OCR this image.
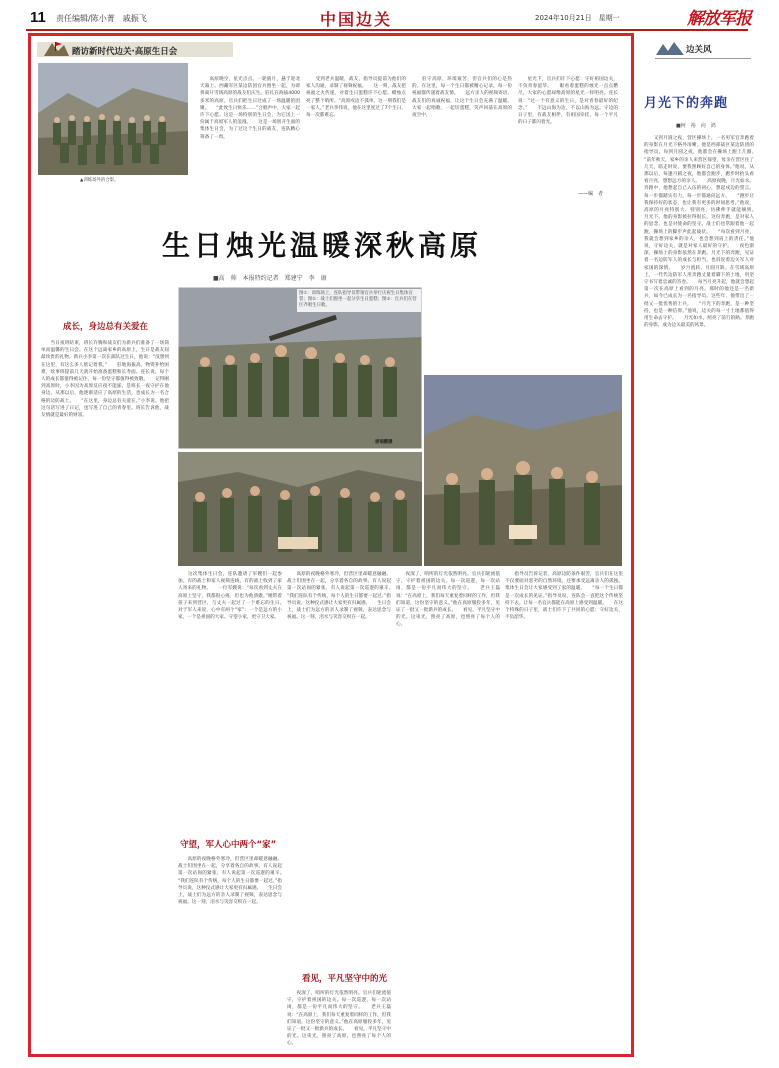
11 责任编辑/陈小菁　戚振飞	中国边关	2024年10月21日　星期一	解放军报
踏访新时代边关·高原生日会
▲训练场外的合影。
　　高原晚空，星光点点。一轮圆月，悬于迎北天幕上。西藏军区某边防团官兵围坐一起，为即将离开雪域高原的战友们庆生。驻扎在海拔4000多米的高原，官兵们把生日过成了一场温暖的团聚。　　“此致生日快乐……”合唱声中，大家一起许下心愿。这是一场特别的生日会，为它送上一份属于高原军人的浪漫。　　这是一场别开生面的集体生日会，为了过这个生日的战友，连队精心筹备了一周。
　　受到老兵温暖，战友、指导员提前为他们的家人沟通，录制了视频祝福。　　这一刻，战友把祝福之火传递，对着生日蛋糕许下心愿。蜡烛点亮了整个哨所。“高原戍边不孤单，这一刻我们是一家人。”老兵李伟说，他在这里度过了7个生日，每一次都难忘。
　　驻守高原，环境艰苦，但官兵们的心是热的。在这里，每一个生日都被精心记录，每一份祝福都传递着战友情。　　远方亲人的视频寄语、战友们的真诚祝福，让这个生日会充满了温暖。大家一起唱歌、一起切蛋糕，笑声回荡在高原的夜空中。
　　星光下，官兵们许下心愿：守好祖国边关，不负青春韶华。　　眼看着蛋糕的烛光一点点燃尽，大家的心愿却像高原的星光一样明亮。连长说：“过一个有意义的生日，是对青春最好的纪念。”　　不远山海为边，不以山海为远。守边的日子里，有战友相伴，有祖国牵挂，每一个平凡的日子都闪着光。
——编　者
生日烛光温暖深秋高原
■高　帅　本报特约记者　郑建宁　李　康
图①：训练场上，连队指导员带领官兵举行庆祝生日集体宣誓；图②：战士们围坐一起分享生日蛋糕；图③：官兵们在营区齐唱生日歌。
唐瑞鹏摄
成长，身边总有关爱在
　　当日夜班结束，班长许腾和战友们为新兵们准备了一场简单而温馨的生日会。在这个远离家乡的高原上，生日是战友间最珍贵的礼物。新兵小李第一次在部队过生日，他说：“没想到在这里，有这么多人惦记着我。”　　驻地海拔高，物资补给困难，炊事班提前几天就开始准备蛋糕和长寿面。连长说，每个人的成长都值得被记住，每一份坚守都值得被致敬。　　记得刚到高原时，小李因为高原反应夜不能寐，是班长一夜守护在他身边。从那以后，他逐渐适应了高原的生活，也成长为一名合格的边防战士。　　“在这里，身边总有关爱在。”小李说。他把这句话写进了日记，也写进了自己的青春里。班长告诉他，战友情就是最好的财富。
　　这次集体生日会，连队邀请了军嫂们一起参加。有的战士和家人视频连线，有的战士收到了家人寄来的礼物。　　一位军嫂说：“每次看到丈夫在高原上坚守，我都很心疼，但也为他骄傲。”她带着孩子来到营区，与丈夫一起过了一个难忘的生日。　　对于军人来说，心中有两个“家”：一个是远方的小家，一个是祖国的大家。守望小家，更守卫大家。
守望，军人心中两个“家”
　　高原的夜晚格外寒冷，但营区里却暖意融融。战士们围坐在一起，分享着各自的故事。有人说起第一次站岗的紧张，有人说起第一次巡逻的艰辛。　　“我们连队有个传统，每个人的生日都要一起过。”指导员说，这种仪式感让大家更有归属感。　　生日会上，战士们为远方的亲人录制了视频，表达思念与祝福。这一刻，泪水与笑容交织在一起。
　　高原的夜晚格外寒冷，但营区里却暖意融融。战士们围坐在一起，分享着各自的故事。有人说起第一次站岗的紧张，有人说起第一次巡逻的艰辛。　　“我们连队有个传统，每个人的生日都要一起过。”指导员说，这种仪式感让大家更有归属感。　　生日会上，战士们为远方的亲人录制了视频，表达思念与祝福。这一刻，泪水与笑容交织在一起。
看见，平凡坚守中的光
　　夜深了，哨所的灯光依然明亮。官兵们轮流值守，守护着祖国的边关。每一次巡逻，每一次站岗，都是一份平凡而伟大的坚守。　　老兵王磊说：“在高原上，我们每天重复着同样的工作，但我们知道，这份坚守的意义。”他在高原服役多年，见证了一批又一批新兵的成长。　　看见，平凡坚守中的光。这束光，照亮了高原，也照亮了每个人的心。
　　夜深了，哨所的灯光依然明亮。官兵们轮流值守，守护着祖国的边关。每一次巡逻，每一次站岗，都是一份平凡而伟大的坚守。　　老兵王磊说：“在高原上，我们每天重复着同样的工作，但我们知道，这份坚守的意义。”他在高原服役多年，见证了一批又一批新兵的成长。　　看见，平凡坚守中的光。这束光，照亮了高原，也照亮了每个人的心。
　　指导员告诉记者，高原边防条件艰苦，官兵们在这里不仅要面对恶劣的自然环境，还要承受远离亲人的孤独。集体生日会让大家感受到了家的温暖。　　“每一个生日都是一次成长的见证。”指导员说，连队会一直把这个传统坚持下去。让每一名官兵都能在高原上感受到温暖。　　在这个特殊的日子里，战士们许下了共同的心愿：守好边关，不负韶华。
边关风
月光下的奔跑
■柯　裕　向　鸿
　　又到月圆之夜，营区操场上，一名男军官奔跑着的身影在月光下格外清晰。他是西部战区某边防团的指导员，每到月圆之夜，他都会在操场上跑上几圈。　　“前年秋天，家乡的亲人来营区探望，母亲在营区住了几天，临走时说，要我照顾好自己的身体。”他说，从那以后，每逢月圆之夜，他都会跑步，跑步时抬头看看月亮，想想远方的亲人。　　高原夜晚，月光如水。奔跑中，他想起自己入伍的初心，想起戍边的誓言。每一步都踏实有力，每一步都通向远方。　　“跑步让我保持好的状态，也让我有更多的时间思考。”他说，高原的月亮特别大、特别亮，仿佛伸手就能摘到。　　月光下，他的身影被拉得很长。这份奔跑，是对家人的思念，也是对使命的坚守。战士们也常跟着他一起跑，操场上的脚步声此起彼伏。　　“每次看到月亮，我就会想到家乡的亲人，也会想到肩上的责任。”他说，守好边关，就是对家人最好的守护。　　夜色渐深，操场上的身影依然在奔跑。月光下的奔跑，见证着一名边防军人的成长与担当，也诉说着边关军人对家国的深情。　　岁月流转，月圆月缺。在雪域高原上，一代代边防军人用奔跑丈量着脚下的土地，用坚守书写着忠诚的答卷。　　每当月亮升起，他就会想起第一次在高原上看到的月亮。那时的他还是一名新兵，如今已成长为一名指导员。这些年，他带出了一批又一批优秀的士兵。　　“月光下的奔跑，是一种坚持，也是一种信仰。”他说，边关的每一寸土地都值得用生命去守护。　　月光如水，照亮了前行的路。奔跑的身影，成为边关最美的风景。
